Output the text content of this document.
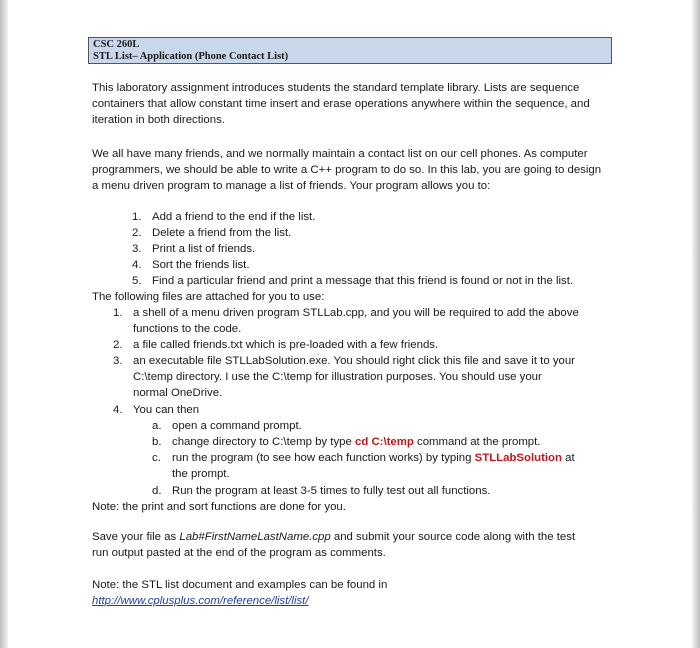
CSC 260L
STL List– Application (Phone Contact List)

This laboratory assignment introduces students the standard template library. Lists are sequence containers that allow constant time insert and erase operations anywhere within the sequence, and iteration in both directions.

We all have many friends, and we normally maintain a contact list on our cell phones. As computer programmers, we should be able to write a C++ program to do so. In this lab, you are going to design a menu driven program to manage a list of friends. Your program allows you to:

1. Add a friend to the end if the list.
2. Delete a friend from the list.
3. Print a list of friends.
4. Sort the friends list.
5. Find a particular friend and print a message that this friend is found or not in the list.
The following files are attached for you to use:
1. a shell of a menu driven program STLLab.cpp, and you will be required to add the above
functions to the code.
2. a file called friends.txt which is pre-loaded with a few friends.
3. an executable file STLLabSolution.exe. You should right click this file and save it to your
C:\temp directory. I use the C:\temp for illustration purposes. You should use your
normal OneDrive.
4. You can then
a. open a command prompt.
b. change directory to C:\temp by type cd C:\temp command at the prompt.
c. run the program (to see how each function works) by typing STLLabSolution at
the prompt.
d. Run the program at least 3-5 times to fully test out all functions.
Note: the print and sort functions are done for you.
Save your file as Lab#FirstNameLastName.cpp and submit your source code along with the test
run output pasted at the end of the program as comments.
Note: the STL list document and examples can be found in
http://www.cplusplus.com/reference/list/list/
